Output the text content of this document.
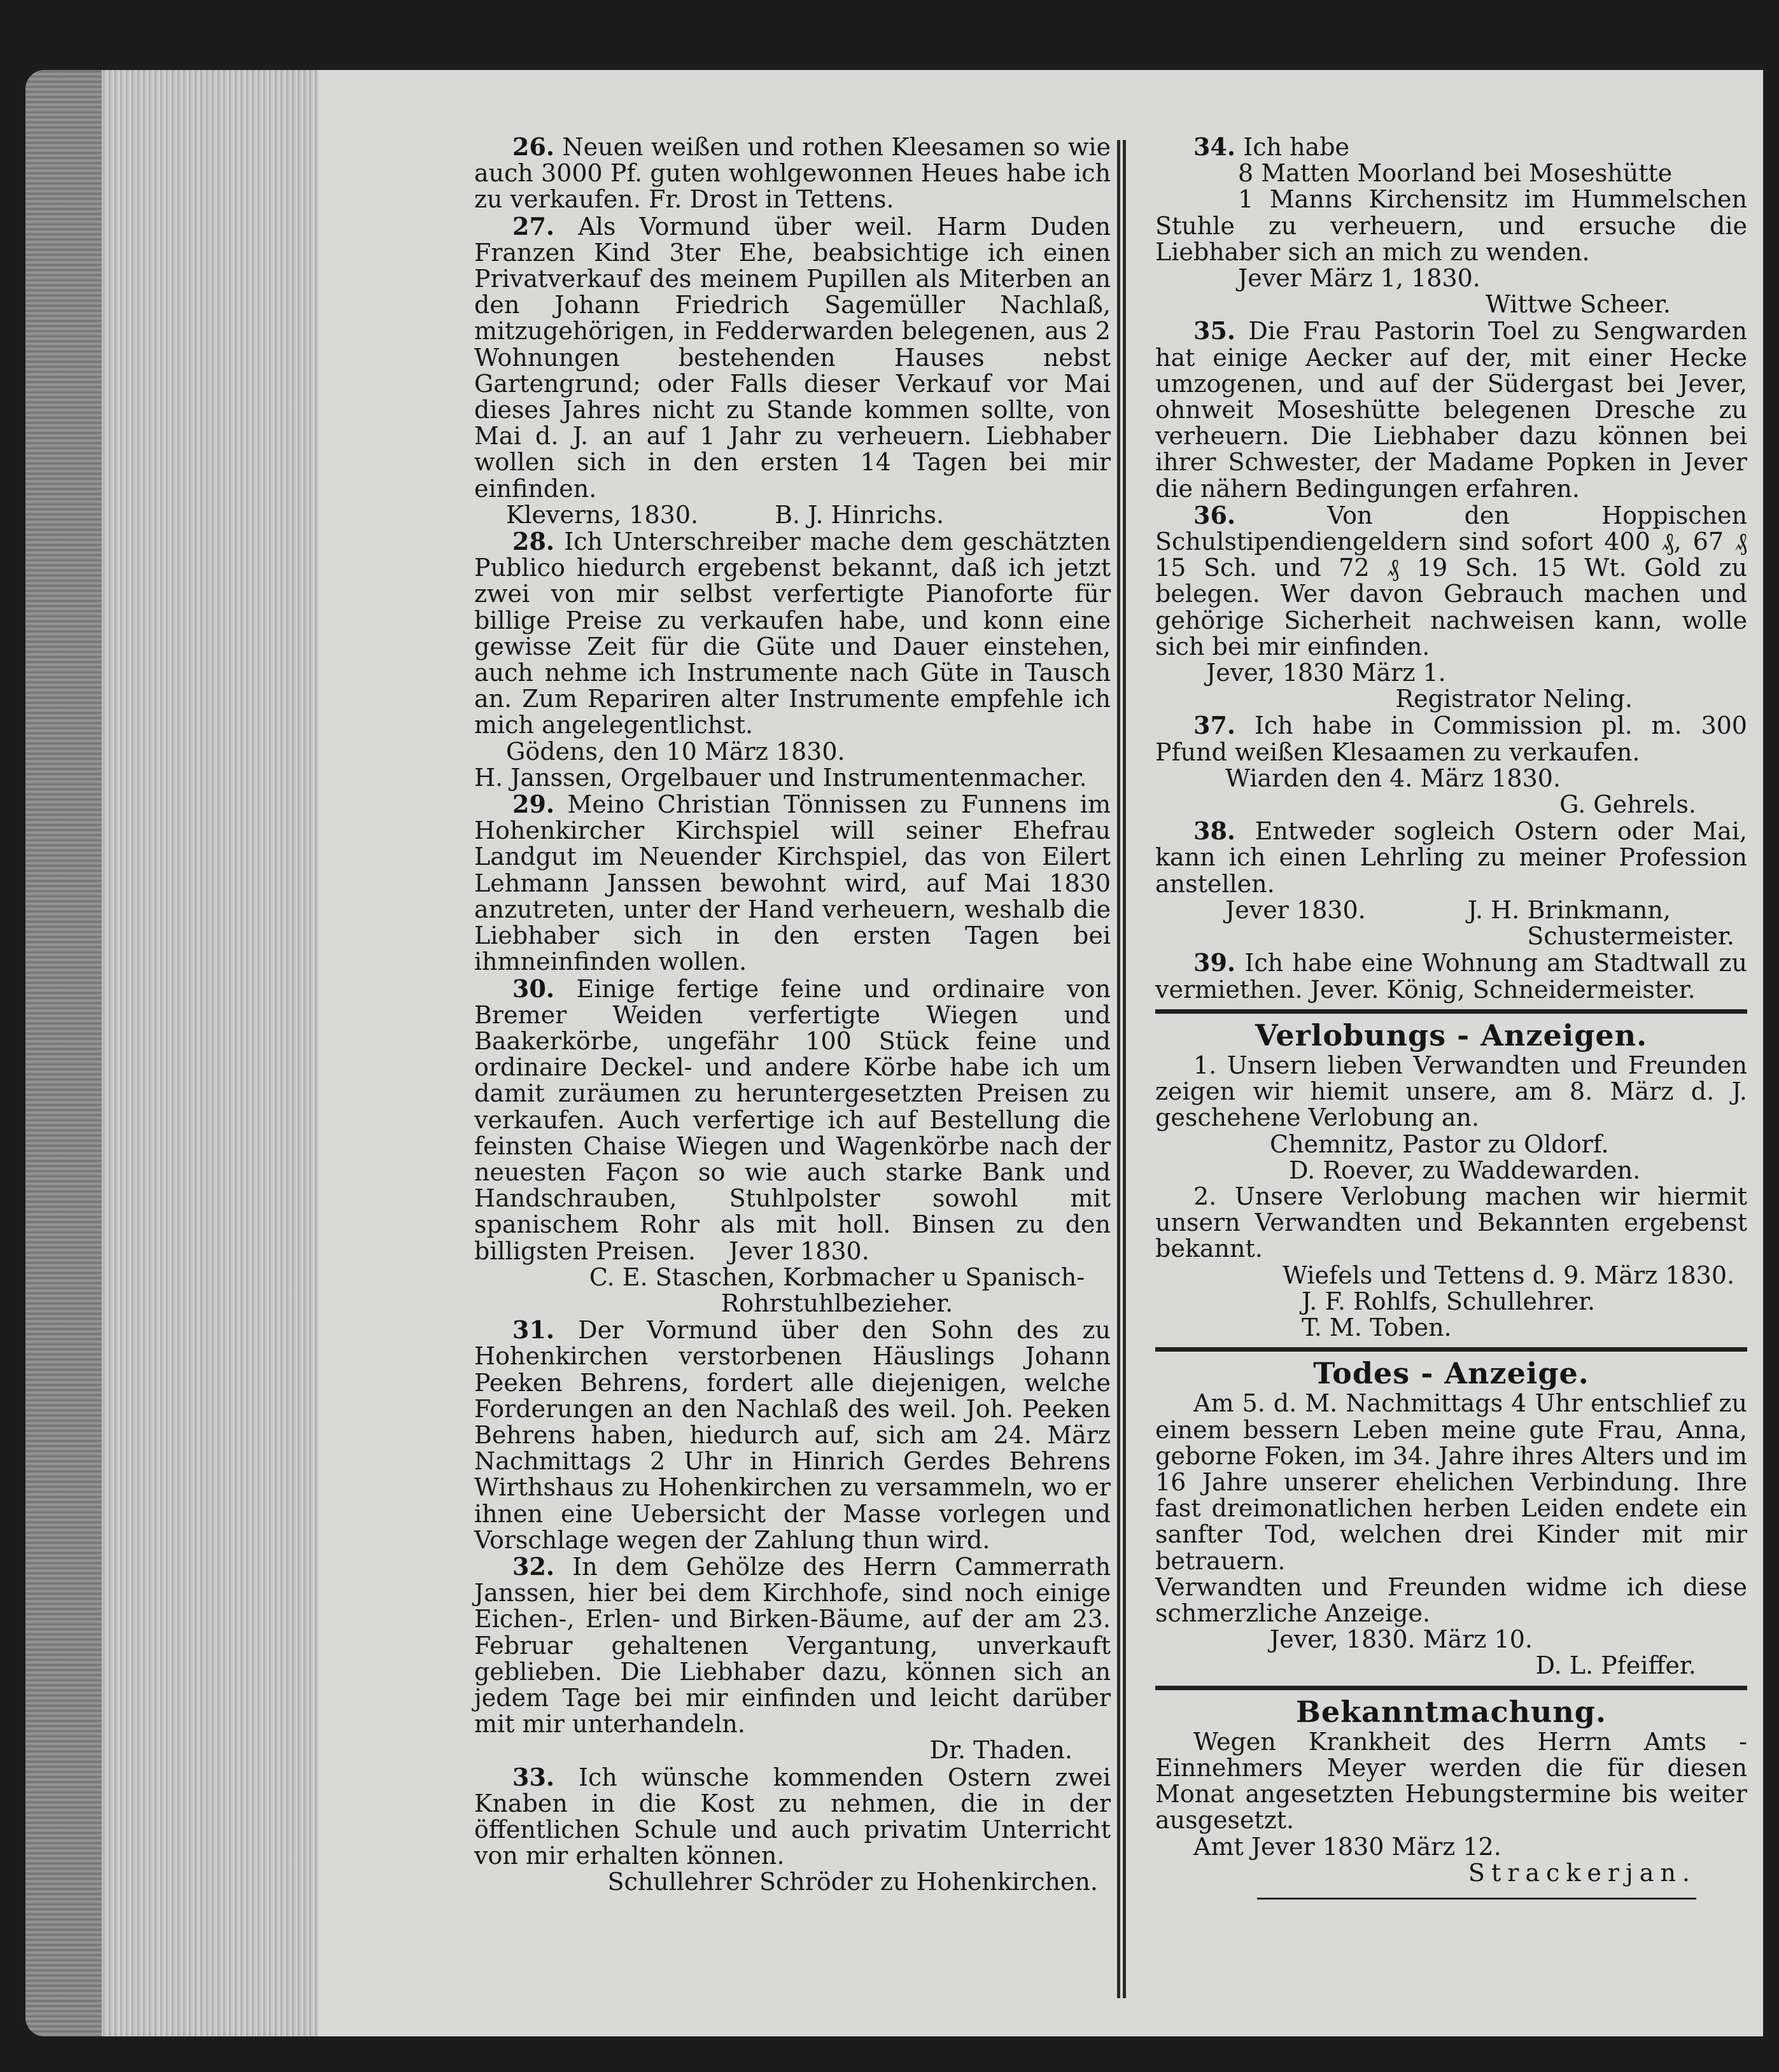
26. Neuen weißen und rothen Kleesamen so wie auch 3000 Pf. guten wohlgewonnen Heues habe ich zu verkaufen. Fr. Drost in Tettens.

27. Als Vormund über weil. Harm Duden Franzen Kind 3ter Ehe, beabsichtige ich einen Privatverkauf des meinem Pupillen als Miterben an den Johann Friedrich Sagemüller Nachlaß, mitzugehörigen, in Fedderwarden belegenen, aus 2 Wohnungen bestehenden Hauses nebst Gartengrund; oder Falls dieser Verkauf vor Mai dieses Jahres nicht zu Stande kommen sollte, von Mai d. J. an auf 1 Jahr zu verheuern. Liebhaber wollen sich in den ersten 14 Tagen bei mir einfinden.

Kleverns, 1830.	B. J. Hinrichs.

28. Ich Unterschreiber mache dem geschätzten Publico hiedurch ergebenst bekannt, daß ich jetzt zwei von mir selbst verfertigte Pianoforte für billige Preise zu verkaufen habe, und konn eine gewisse Zeit für die Güte und Dauer einstehen, auch nehme ich Instrumente nach Güte in Tausch an. Zum Repariren alter Instrumente empfehle ich mich angelegentlichst.

Gödens, den 10 März 1830.

H. Janssen, Orgelbauer und Instrumentenmacher.

29. Meino Christian Tönnissen zu Funnens im Hohenkircher Kirchspiel will seiner Ehefrau Landgut im Neuender Kirchspiel, das von Eilert Lehmann Janssen bewohnt wird, auf Mai 1830 anzutreten, unter der Hand verheuern, weshalb die Liebhaber sich in den ersten Tagen bei ihmneinfinden wollen.

30. Einige fertige feine und ordinaire von Bremer Weiden verfertigte Wiegen und Baakerkörbe, ungefähr 100 Stück feine und ordinaire Deckel- und andere Körbe habe ich um damit zuräumen zu heruntergesetzten Preisen zu verkaufen. Auch verfertige ich auf Bestellung die feinsten Chaise Wiegen und Wagenkörbe nach der neuesten Façon so wie auch starke Bank und Handschrauben, Stuhlpolster sowohl mit spanischem Rohr als mit holl. Binsen zu den billigsten Preisen. Jever 1830.

C. E. Staschen, Korbmacher u Spanisch-Rohrstuhlbezieher.

31. Der Vormund über den Sohn des zu Hohenkirchen verstorbenen Häuslings Johann Peeken Behrens, fordert alle diejenigen, welche Forderungen an den Nachlaß des weil. Joh. Peeken Behrens haben, hiedurch auf, sich am 24. März Nachmittags 2 Uhr in Hinrich Gerdes Behrens Wirthshaus zu Hohenkirchen zu versammeln, wo er ihnen eine Uebersicht der Masse vorlegen und Vorschlage wegen der Zahlung thun wird.

32. In dem Gehölze des Herrn Cammerrath Janssen, hier bei dem Kirchhofe, sind noch einige Eichen-, Erlen- und Birken-Bäume, auf der am 23. Februar gehaltenen Vergantung, unverkauft geblieben. Die Liebhaber dazu, können sich an jedem Tage bei mir einfinden und leicht darüber mit mir unterhandeln.

Dr. Thaden.

33. Ich wünsche kommenden Ostern zwei Knaben in die Kost zu nehmen, die in der öffentlichen Schule und auch privatim Unterricht von mir erhalten können.

Schullehrer Schröder zu Hohenkirchen.

34. Ich habe

8 Matten Moorland bei Moseshütte

1 Manns Kirchensitz im Hummelschen Stuhle zu verheuern, und ersuche die Liebhaber sich an mich zu wenden.

Jever März 1, 1830.

Wittwe Scheer.

35. Die Frau Pastorin Toel zu Sengwarden hat einige Aecker auf der, mit einer Hecke umzogenen, und auf der Südergast bei Jever, ohnweit Moseshütte belegenen Dresche zu verheuern. Die Liebhaber dazu können bei ihrer Schwester, der Madame Popken in Jever die nähern Bedingungen erfahren.

36.	Von den Hoppischen Schulstipendiengeldern sind sofort 400 ₰, 67 ₰ 15 Sch. und 72 ₰ 19 Sch. 15 Wt. Gold zu belegen. Wer davon Gebrauch machen und gehörige Sicherheit nachweisen kann, wolle sich bei mir einfinden.

Jever, 1830 März 1.

Registrator Neling.

37. Ich habe in Commission pl. m. 300 Pfund weißen Klesaamen zu verkaufen.

Wiarden den 4. März 1830.

G. Gehrels.

38. Entweder sogleich Ostern oder Mai, kann ich einen Lehrling zu meiner Profession anstellen.

Jever 1830.	J. H. Brinkmann,

Schustermeister.

39. Ich habe eine Wohnung am Stadtwall zu vermiethen. Jever. König, Schneidermeister.

Verlobungs - Anzeigen.

1. Unsern lieben Verwandten und Freunden zeigen wir hiemit unsere, am 8. März d. J. geschehene Verlobung an.

Chemnitz, Pastor zu Oldorf.

D. Roever, zu Waddewarden.

2. Unsere Verlobung machen wir hiermit unsern Verwandten und Bekannten ergebenst bekannt.

Wiefels und Tettens d. 9. März 1830.

J. F. Rohlfs, Schullehrer.

T. M. Toben.

Todes - Anzeige.

Am 5. d. M. Nachmittags 4 Uhr entschlief zu einem bessern Leben meine gute Frau, Anna, geborne Foken, im 34. Jahre ihres Alters und im 16 Jahre unserer ehelichen Verbindung. Ihre fast dreimonatlichen herben Leiden endete ein sanfter Tod, welchen drei Kinder mit mir betrauern.

Verwandten und Freunden widme ich diese schmerzliche Anzeige.

Jever, 1830. März 10.

D. L. Pfeiffer.

Bekanntmachung.

Wegen Krankheit des Herrn Amts - Einnehmers Meyer werden die für diesen Monat angesetzten Hebungstermine bis weiter ausgesetzt.

Amt Jever 1830 März 12.

Strackerjan.
